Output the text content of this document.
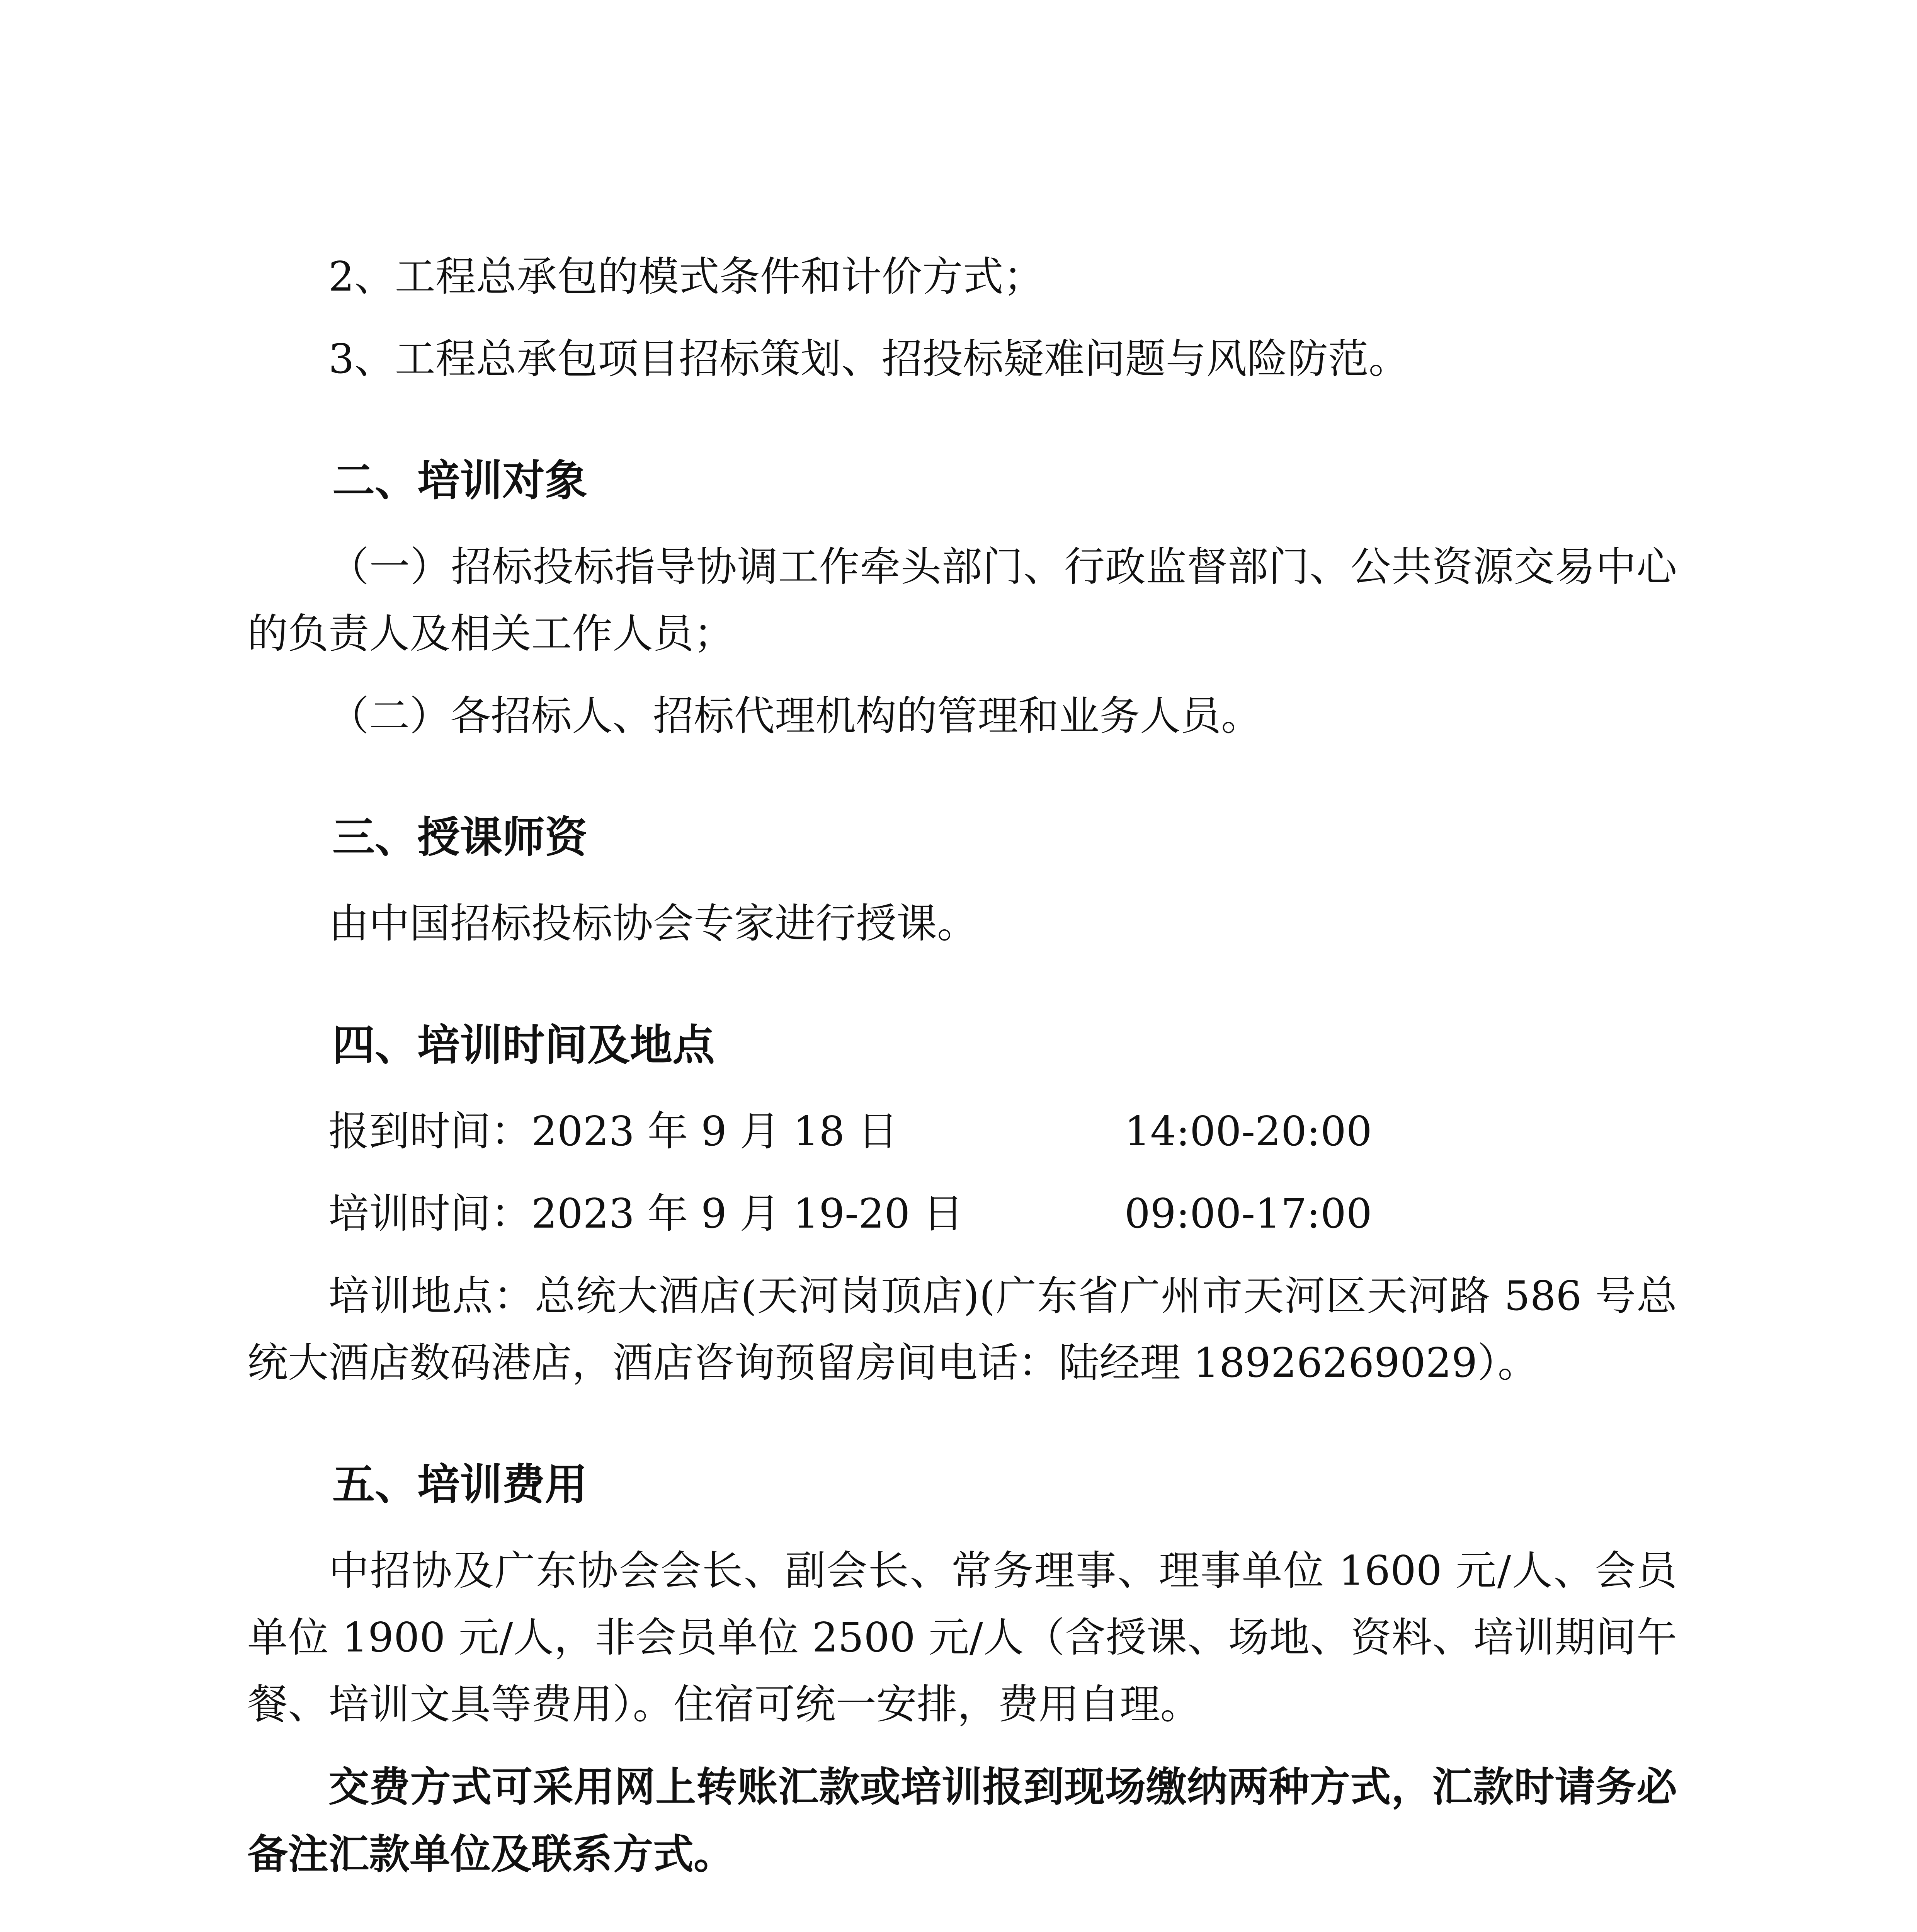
2、工程总承包的模式条件和计价方式；

3、工程总承包项目招标策划、招投标疑难问题与风险防范。

二、培训对象

（一）招标投标指导协调工作牵头部门、行政监督部门、公共资源交易中心的负责人及相关工作人员；

（二）各招标人、招标代理机构的管理和业务人员。

三、授课师资

由中国招标投标协会专家进行授课。

四、培训时间及地点
报到时间：2023 年 9 月 18 日	14:00-20:00
培训时间：2023 年 9 月 19-20 日	09:00-17:00

培训地点：总统大酒店(天河岗顶店)(广东省广州市天河区天河路 586 号总统大酒店数码港店，酒店咨询预留房间电话：陆经理 18926269029）。

五、培训费用

中招协及广东协会会长、副会长、常务理事、理事单位 1600 元/人、会员单位 1900 元/人，非会员单位 2500 元/人（含授课、场地、资料、培训期间午餐、培训文具等费用）。住宿可统一安排，费用自理。

交费方式可采用网上转账汇款或培训报到现场缴纳两种方式，汇款时请务必备注汇款单位及联系方式。
